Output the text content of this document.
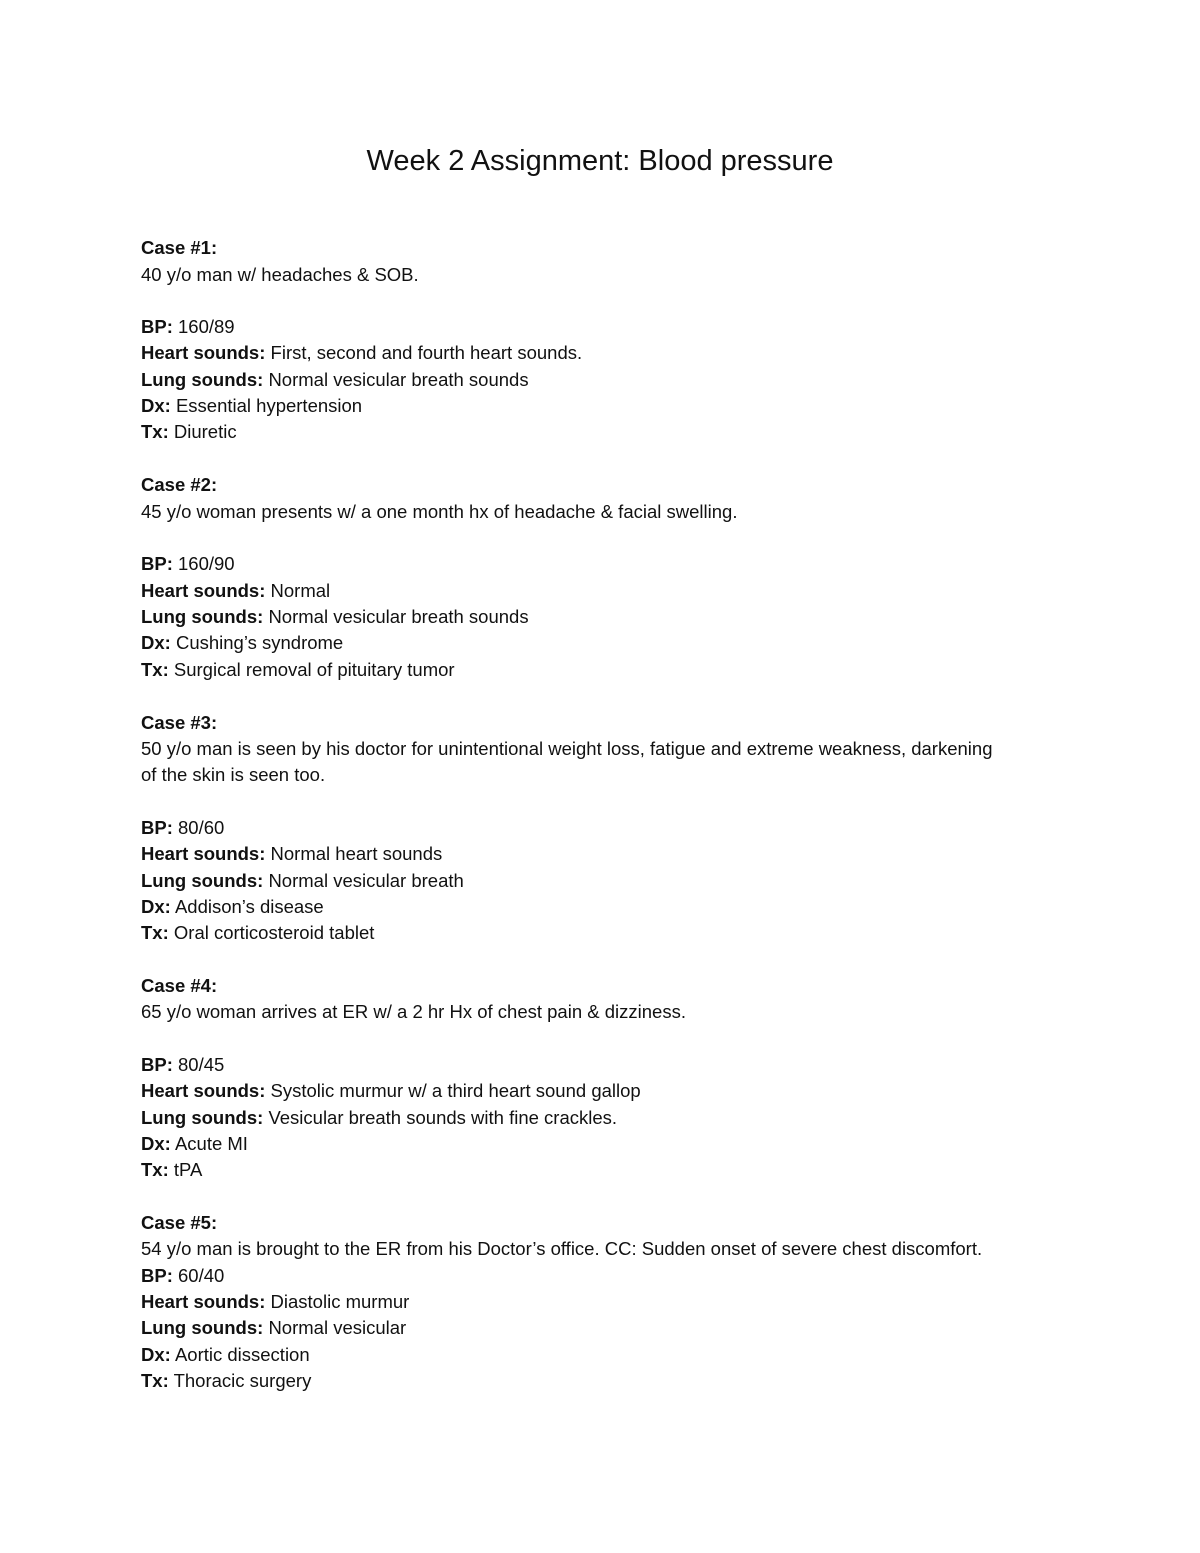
Week 2 Assignment: Blood pressure
Case #1:
40 y/o man w/ headaches & SOB.
BP: 160/89
Heart sounds: First, second and fourth heart sounds.
Lung sounds: Normal vesicular breath sounds
Dx: Essential hypertension
Tx: Diuretic
Case #2:
45 y/o woman presents w/ a one month hx of headache & facial swelling.
BP: 160/90
Heart sounds: Normal
Lung sounds: Normal vesicular breath sounds
Dx: Cushing’s syndrome
Tx: Surgical removal of pituitary tumor
Case #3:
50 y/o man is seen by his doctor for unintentional weight loss, fatigue and extreme weakness, darkening
of the skin is seen too.
BP: 80/60
Heart sounds: Normal heart sounds
Lung sounds: Normal vesicular breath
Dx: Addison’s disease
Tx: Oral corticosteroid tablet
Case #4:
65 y/o woman arrives at ER w/ a 2 hr Hx of chest pain & dizziness.
BP: 80/45
Heart sounds: Systolic murmur w/ a third heart sound gallop
Lung sounds: Vesicular breath sounds with fine crackles.
Dx: Acute MI
Tx: tPA
Case #5:
54 y/o man is brought to the ER from his Doctor’s office. CC: Sudden onset of severe chest discomfort.
BP: 60/40
Heart sounds: Diastolic murmur
Lung sounds: Normal vesicular
Dx: Aortic dissection
Tx: Thoracic surgery
